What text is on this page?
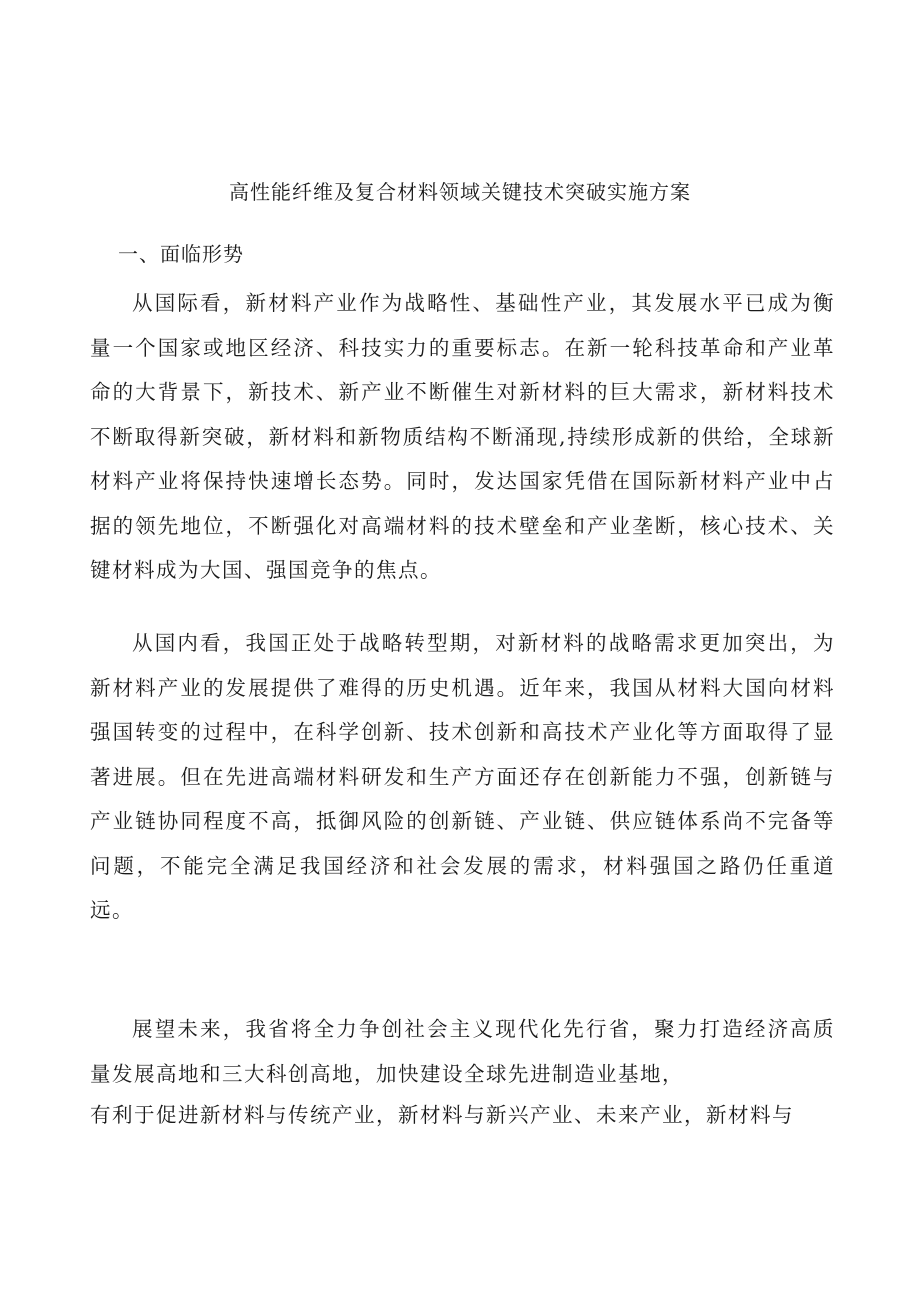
高性能纤维及复合材料领域关键技术突破实施方案
一、面临形势

从国际看，新材料产业作为战略性、基础性产业，其发展水平已成为衡量一个国家或地区经济、科技实力的重要标志。在新一轮科技革命和产业革命的大背景下，新技术、新产业不断催生对新材料的巨大需求，新材料技术不断取得新突破，新材料和新物质结构不断涌现,持续形成新的供给，全球新材料产业将保持快速增长态势。同时，发达国家凭借在国际新材料产业中占据的领先地位，不断强化对高端材料的技术壁垒和产业垄断，核心技术、关键材料成为大国、强国竞争的焦点。

从国内看，我国正处于战略转型期，对新材料的战略需求更加突出，为新材料产业的发展提供了难得的历史机遇。近年来，我国从材料大国向材料强国转变的过程中，在科学创新、技术创新和高技术产业化等方面取得了显著进展。但在先进高端材料研发和生产方面还存在创新能力不强，创新链与产业链协同程度不高，抵御风险的创新链、产业链、供应链体系尚不完备等问题，不能完全满足我国经济和社会发展的需求，材料强国之路仍任重道远。

展望未来，我省将全力争创社会主义现代化先行省，聚力打造经济高质量发展高地和三大科创高地，加快建设全球先进制造业基地，

有利于促进新材料与传统产业，新材料与新兴产业、未来产业，新材料与
